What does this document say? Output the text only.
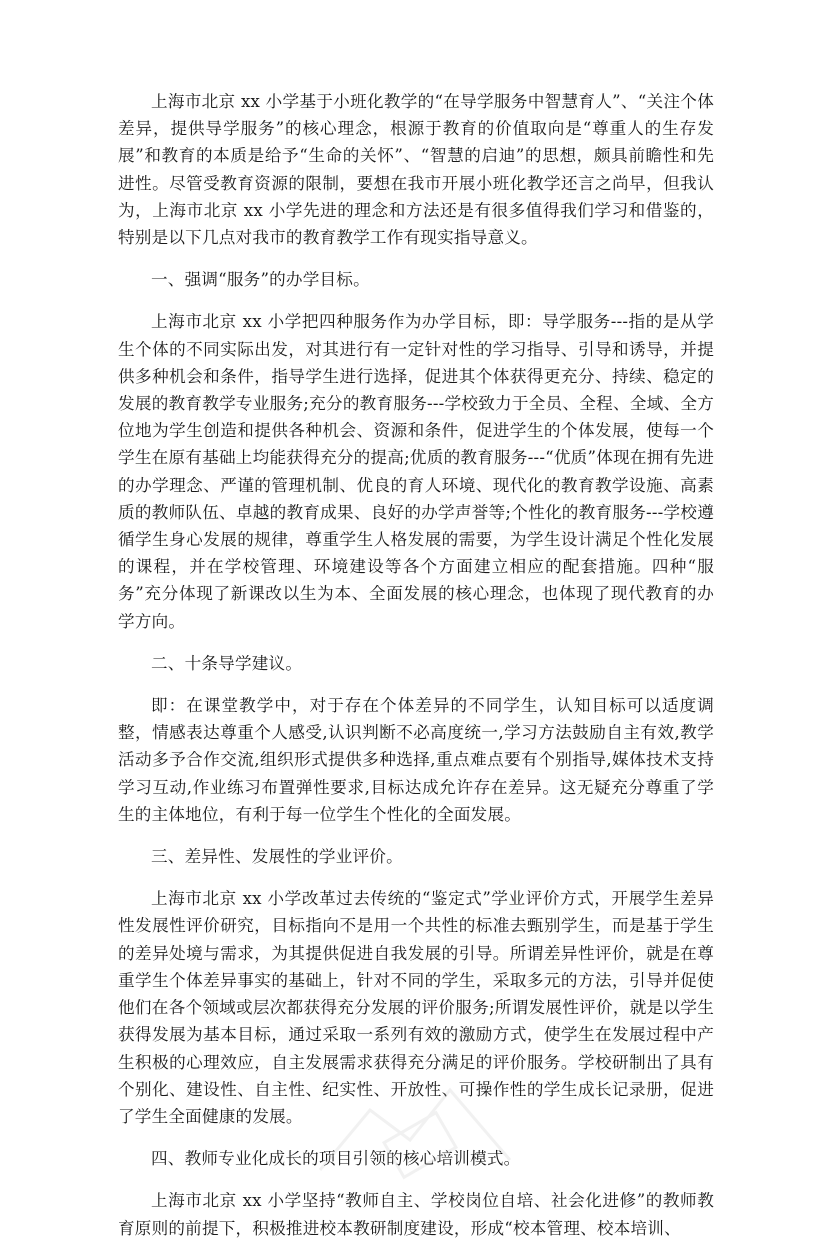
上海市北京 xx 小学基于小班化教学的“在导学服务中智慧育人”、“关注个体差异，提供导学服务”的核心理念，根源于教育的价值取向是“尊重人的生存发展”和教育的本质是给予“生命的关怀”、“智慧的启迪”的思想，颇具前瞻性和先进性。尽管受教育资源的限制，要想在我市开展小班化教学还言之尚早，但我认为，上海市北京 xx 小学先进的理念和方法还是有很多值得我们学习和借鉴的，特别是以下几点对我市的教育教学工作有现实指导意义。

一、强调“服务”的办学目标。

上海市北京 xx 小学把四种服务作为办学目标，即：导学服务---指的是从学生个体的不同实际出发，对其进行有一定针对性的学习指导、引导和诱导，并提供多种机会和条件，指导学生进行选择，促进其个体获得更充分、持续、稳定的发展的教育教学专业服务;充分的教育服务---学校致力于全员、全程、全域、全方位地为学生创造和提供各种机会、资源和条件，促进学生的个体发展，使每一个学生在原有基础上均能获得充分的提高;优质的教育服务---“优质”体现在拥有先进的办学理念、严谨的管理机制、优良的育人环境、现代化的教育教学设施、高素质的教师队伍、卓越的教育成果、良好的办学声誉等;个性化的教育服务---学校遵循学生身心发展的规律，尊重学生人格发展的需要，为学生设计满足个性化发展的课程，并在学校管理、环境建设等各个方面建立相应的配套措施。四种“服务”充分体现了新课改以生为本、全面发展的核心理念，也体现了现代教育的办学方向。

二、十条导学建议。

即：在课堂教学中，对于存在个体差异的不同学生，认知目标可以适度调整，情感表达尊重个人感受,认识判断不必高度统一,学习方法鼓励自主有效,教学活动多予合作交流,组织形式提供多种选择,重点难点要有个别指导,媒体技术支持学习互动,作业练习布置弹性要求,目标达成允许存在差异。这无疑充分尊重了学生的主体地位，有利于每一位学生个性化的全面发展。

三、差异性、发展性的学业评价。

上海市北京 xx 小学改革过去传统的“鉴定式”学业评价方式，开展学生差异性发展性评价研究，目标指向不是用一个共性的标准去甄别学生，而是基于学生的差异处境与需求，为其提供促进自我发展的引导。所谓差异性评价，就是在尊重学生个体差异事实的基础上，针对不同的学生，采取多元的方法，引导并促使他们在各个领域或层次都获得充分发展的评价服务;所谓发展性评价，就是以学生获得发展为基本目标，通过采取一系列有效的激励方式，使学生在发展过程中产生积极的心理效应，自主发展需求获得充分满足的评价服务。学校研制出了具有个别化、建设性、自主性、纪实性、开放性、可操作性的学生成长记录册，促进了学生全面健康的发展。

四、教师专业化成长的项目引领的核心培训模式。

上海市北京 xx 小学坚持“教师自主、学校岗位自培、社会化进修”的教师教育原则的前提下，积极推进校本教研制度建设，形成“校本管理、校本培训、
